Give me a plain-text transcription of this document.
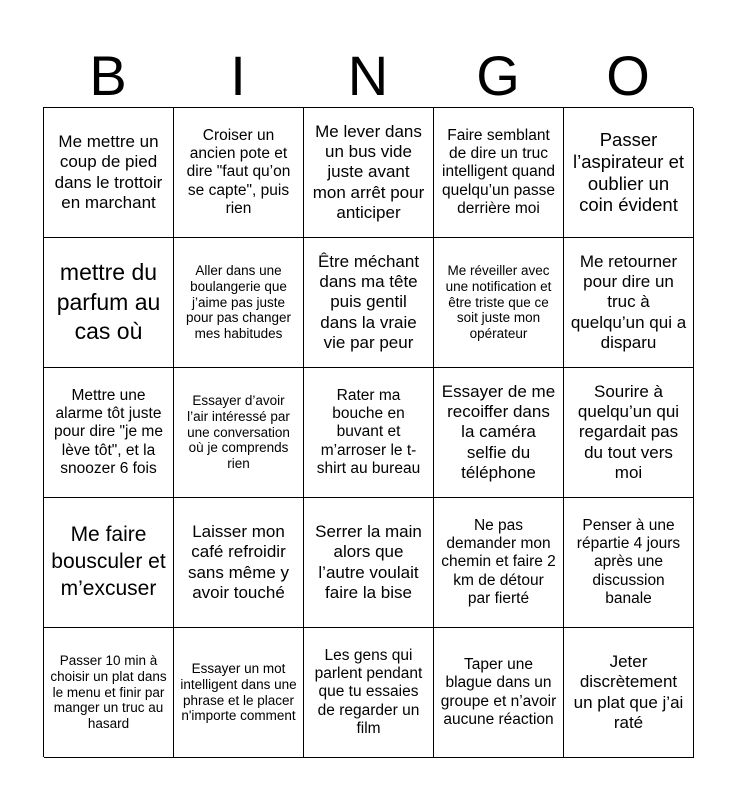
B	I	N	G	O
Me mettre un coup de pied dans le trottoir en marchant
Croiser un ancien pote et dire "faut qu’on se capte", puis rien
Me lever dans un bus vide juste avant mon arrêt pour anticiper
Faire semblant de dire un truc intelligent quand quelqu’un passe derrière moi
Passer l’aspirateur et oublier un coin évident
mettre du parfum au cas où
Aller dans une boulangerie que j’aime pas juste pour pas changer mes habitudes
Être méchant dans ma tête puis gentil dans la vraie vie par peur
Me réveiller avec une notification et être triste que ce soit juste mon opérateur
Me retourner pour dire un truc à quelqu’un qui a disparu
Mettre une alarme tôt juste pour dire "je me lève tôt", et la snoozer 6 fois
Essayer d’avoir l’air intéressé par une conversation où je comprends rien
Rater ma bouche en buvant et m’arroser le t-shirt au bureau
Essayer de me recoiffer dans la caméra selfie du téléphone
Sourire à quelqu’un qui regardait pas du tout vers moi
Me faire bousculer et m’excuser
Laisser mon café refroidir sans même y avoir touché
Serrer la main alors que l’autre voulait faire la bise
Ne pas demander mon chemin et faire 2 km de détour par fierté
Penser à une répartie 4 jours après une discussion banale
Passer 10 min à choisir un plat dans le menu et finir par manger un truc au hasard
Essayer un mot intelligent dans une phrase et le placer n'importe comment
Les gens qui parlent pendant que tu essaies de regarder un film
Taper une blague dans un groupe et n’avoir aucune réaction
Jeter discrètement un plat que j’ai raté
